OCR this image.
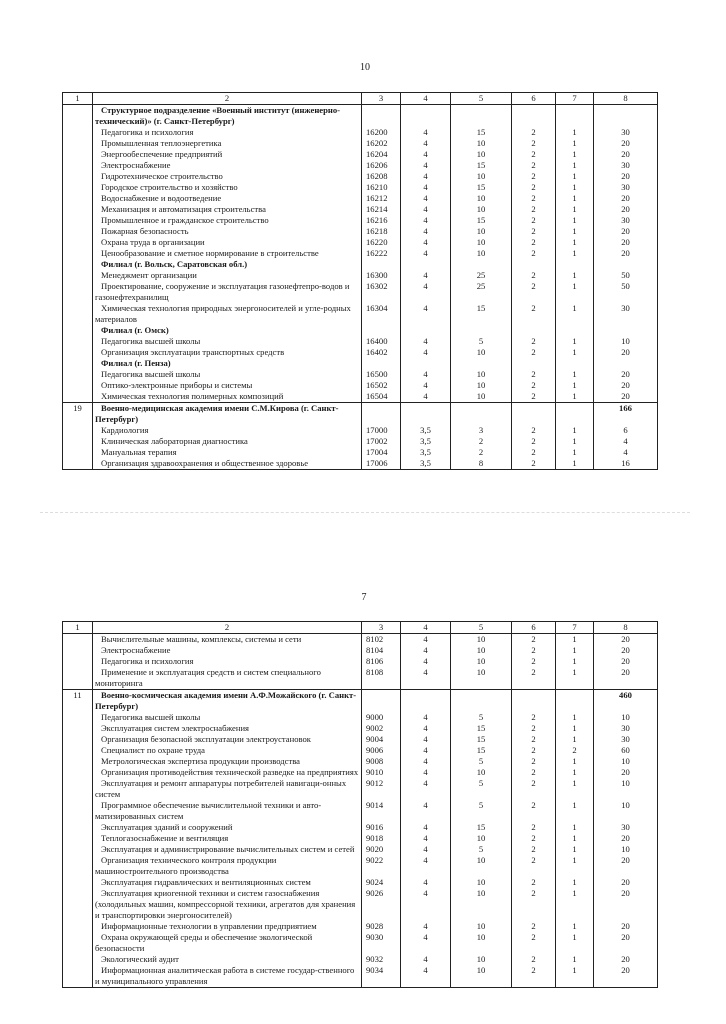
10
1	2	3	4	5	6	7	8
	Структурное подразделение «Военный институт (инженерно-технический)» (г. Санкт-Петербург)						
	Педагогика и психология	16200	4	15	2	1	30
	Промышленная теплоэнергетика	16202	4	10	2	1	20
	Энергообеспечение предприятий	16204	4	10	2	1	20
	Электроснабжение	16206	4	15	2	1	30
	Гидротехническое строительство	16208	4	10	2	1	20
	Городское строительство и хозяйство	16210	4	15	2	1	30
	Водоснабжение и водоотведение	16212	4	10	2	1	20
	Механизация и автоматизация строительства	16214	4	10	2	1	20
	Промышленное и гражданское строительство	16216	4	15	2	1	30
	Пожарная безопасность	16218	4	10	2	1	20
	Охрана труда в организации	16220	4	10	2	1	20
	Ценообразование и сметное нормирование в строительстве	16222	4	10	2	1	20
	Филиал (г. Вольск, Саратовская обл.)						
	Менеджмент организации	16300	4	25	2	1	50
	Проектирование, сооружение и эксплуатация газонефтепро-водов и газонефтехранилищ	16302	4	25	2	1	50
	Химическая технология природных энергоносителей и угле-родных материалов	16304	4	15	2	1	30
	Филиал (г. Омск)						
	Педагогика высшей школы	16400	4	5	2	1	10
	Организация эксплуатации транспортных средств	16402	4	10	2	1	20
	Филиал (г. Пенза)						
	Педагогика высшей школы	16500	4	10	2	1	20
	Оптико-электронные приборы и системы	16502	4	10	2	1	20
	Химическая технология полимерных композиций	16504	4	10	2	1	20
19	Военно-медицинская академия имени С.М.Кирова (г. Санкт-Петербург)						166
	Кардиология	17000	3,5	3	2	1	6
	Клиническая лабораторная диагностика	17002	3,5	2	2	1	4
	Мануальная терапия	17004	3,5	2	2	1	4
	Организация здравоохранения и общественное здоровье	17006	3,5	8	2	1	16
7
1	2	3	4	5	6	7	8
	Вычислительные машины, комплексы, системы и сети	8102	4	10	2	1	20
	Электроснабжение	8104	4	10	2	1	20
	Педагогика и психология	8106	4	10	2	1	20
	Применение и эксплуатация средств и систем специального мониторинга	8108	4	10	2	1	20
11	Военно-космическая академия имени А.Ф.Можайского (г. Санкт-Петербург)						460
	Педагогика высшей школы	9000	4	5	2	1	10
	Эксплуатация систем электроснабжения	9002	4	15	2	1	30
	Организация безопасной эксплуатации электроустановок	9004	4	15	2	1	30
	Специалист по охране труда	9006	4	15	2	2	60
	Метрологическая экспертиза продукции производства	9008	4	5	2	1	10
	Организация противодействия технической разведке на предприятиях	9010	4	10	2	1	20
	Эксплуатация и ремонт аппаратуры потребителей навигаци-онных систем	9012	4	5	2	1	10
	Программное обеспечение вычислительной техники и авто-матизированных систем	9014	4	5	2	1	10
	Эксплуатация зданий и сооружений	9016	4	15	2	1	30
	Теплогазоснабжение и вентиляция	9018	4	10	2	1	20
	Эксплуатация и администрирование вычислительных систем и сетей	9020	4	5	2	1	10
	Организация технического контроля продукции машиностроительного производства	9022	4	10	2	1	20
	Эксплуатация гидравлических и вентиляционных систем	9024	4	10	2	1	20
	Эксплуатация криогенной техники и систем газоснабжения (холодильных машин, компрессорной техники, агрегатов для хранения и транспортировки энергоносителей)	9026	4	10	2	1	20
	Информационные технологии в управлении предприятием	9028	4	10	2	1	20
	Охрана окружающей среды и обеспечение экологической безопасности	9030	4	10	2	1	20
	Экологический аудит	9032	4	10	2	1	20
	Информационная аналитическая работа в системе государ-ственного и муниципального управления	9034	4	10	2	1	20
